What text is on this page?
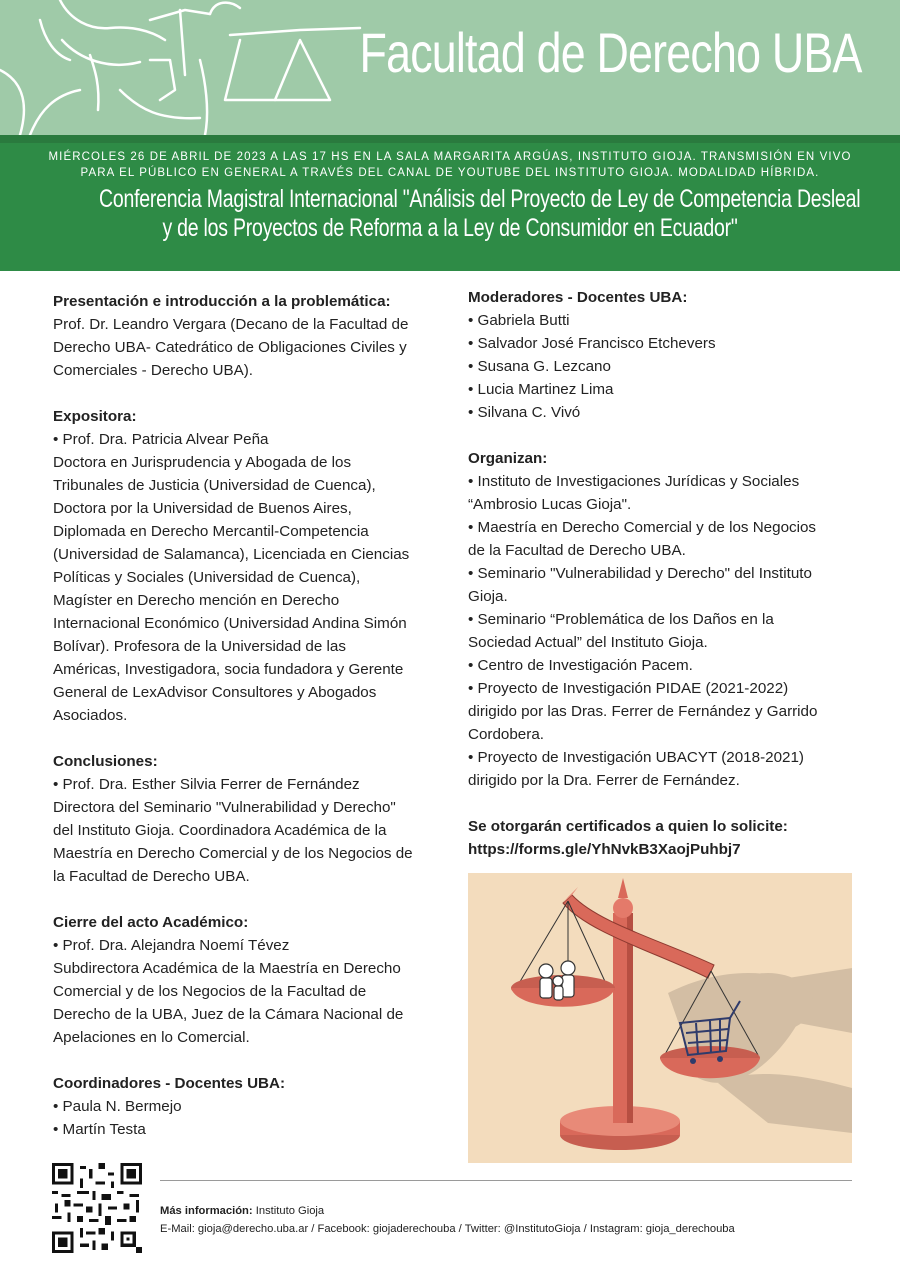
Facultad de Derecho UBA
MIÉRCOLES 26 DE ABRIL DE 2023 A LAS 17 HS EN LA SALA MARGARITA ARGÚAS, INSTITUTO GIOJA. TRANSMISIÓN EN VIVO
PARA EL PÚBLICO EN GENERAL A TRAVÉS DEL CANAL DE YOUTUBE DEL INSTITUTO GIOJA. MODALIDAD HÍBRIDA.
Conferencia Magistral Internacional "Análisis del Proyecto de Ley de Competencia Desleal
y de los Proyectos de Reforma a la Ley de Consumidor en Ecuador"
Presentación e introducción a la problemática:

Prof. Dr. Leandro Vergara (Decano de la Facultad de
Derecho UBA- Catedrático de Obligaciones Civiles y
Comerciales - Derecho UBA).

Expositora:

• Prof. Dra. Patricia Alvear Peña
Doctora en Jurisprudencia y Abogada de los
Tribunales de Justicia (Universidad de Cuenca),
Doctora por la Universidad de Buenos Aires,
Diplomada en Derecho Mercantil-Competencia
(Universidad de Salamanca), Licenciada en Ciencias
Políticas y Sociales (Universidad de Cuenca),
Magíster en Derecho mención en Derecho
Internacional Económico (Universidad Andina Simón
Bolívar). Profesora de la Universidad de las
Américas, Investigadora, socia fundadora y Gerente
General de LexAdvisor Consultores y Abogados
Asociados.

Conclusiones:

• Prof. Dra. Esther Silvia Ferrer de Fernández
Directora del Seminario "Vulnerabilidad y Derecho"
del Instituto Gioja. Coordinadora Académica de la
Maestría en Derecho Comercial y de los Negocios de
la Facultad de Derecho UBA.

Cierre del acto Académico:

• Prof. Dra. Alejandra Noemí Tévez
Subdirectora Académica de la Maestría en Derecho
Comercial y de los Negocios de la Facultad de
Derecho de la UBA, Juez de la Cámara Nacional de
Apelaciones en lo Comercial.

Coordinadores - Docentes UBA:

• Paula N. Bermejo
• Martín Testa

Moderadores - Docentes UBA:

• Gabriela Butti
• Salvador José Francisco Etchevers
• Susana G. Lezcano
• Lucia Martinez Lima
• Silvana C. Vivó

Organizan:

• Instituto de Investigaciones Jurídicas y Sociales
“Ambrosio Lucas Gioja".
• Maestría en Derecho Comercial y de los Negocios
de la Facultad de Derecho UBA.
• Seminario "Vulnerabilidad y Derecho" del Instituto
Gioja.
• Seminario “Problemática de los Daños en la
Sociedad Actual” del Instituto Gioja.
• Centro de Investigación Pacem.
• Proyecto de Investigación PIDAE (2021-2022)
dirigido por las Dras. Ferrer de Fernández y Garrido
Cordobera.
• Proyecto de Investigación UBACYT (2018-2021)
dirigido por la Dra. Ferrer de Fernández.

Se otorgarán certificados a quien lo solicite:
https://forms.gle/YhNvkB3XaojPuhbj7
Más información: Instituto Gioja
E-Mail: gioja@derecho.uba.ar / Facebook: giojaderechouba / Twitter: @InstitutoGioja / Instagram: gioja_derechouba
